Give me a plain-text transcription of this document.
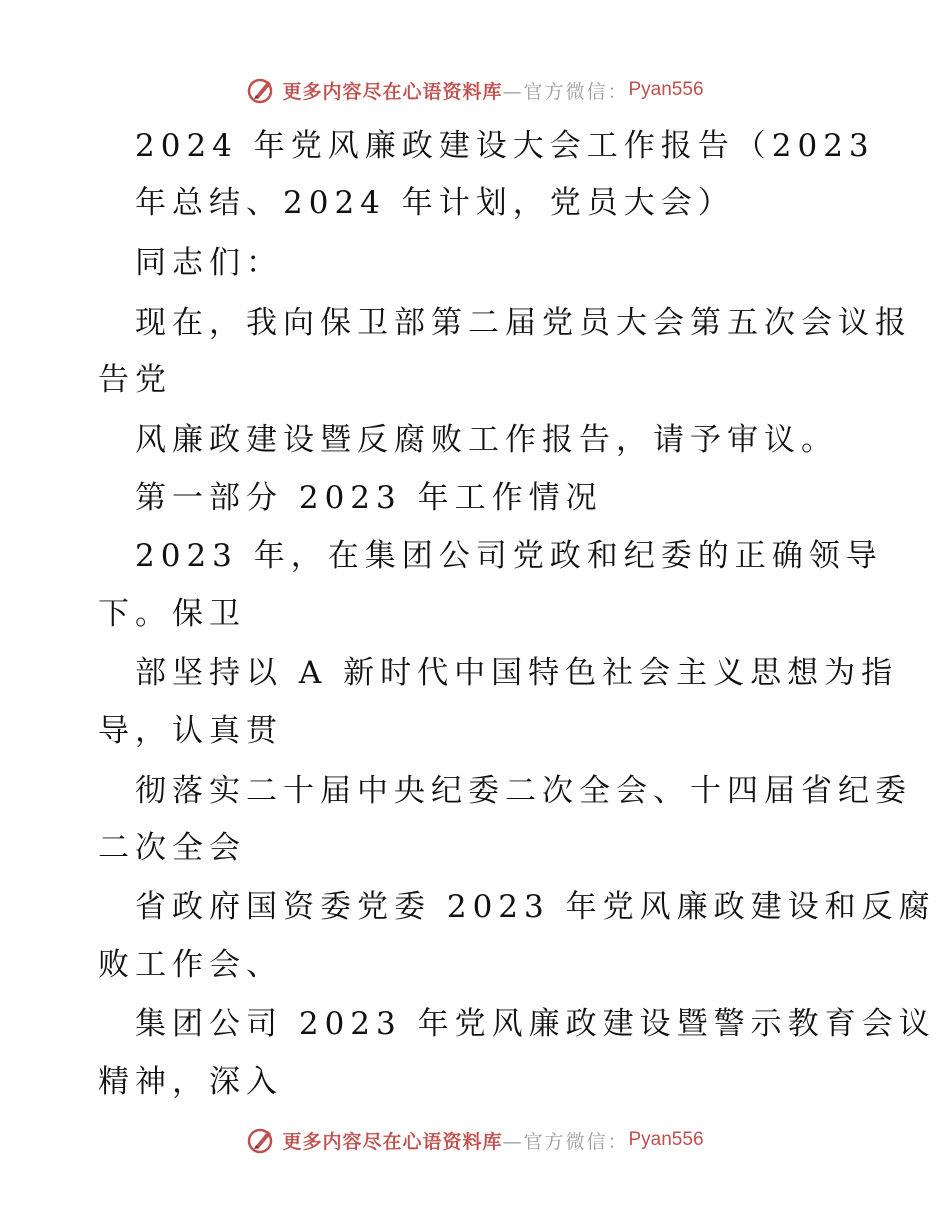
更多内容尽在心语资料库 —官方微信： Pyan556
2024 年党风廉政建设大会工作报告（2023
年总结、2024 年计划，党员大会）
同志们：
现在，我向保卫部第二届党员大会第五次会议报
告党
风廉政建设暨反腐败工作报告，请予审议。
第一部分 2023 年工作情况
2023 年，在集团公司党政和纪委的正确领导
下。保卫
部坚持以 A 新时代中国特色社会主义思想为指
导，认真贯
彻落实二十届中央纪委二次全会、十四届省纪委
二次全会
省政府国资委党委 2023 年党风廉政建设和反腐
败工作会、
集团公司 2023 年党风廉政建设暨警示教育会议
精神，深入
更多内容尽在心语资料库 —官方微信： Pyan556
